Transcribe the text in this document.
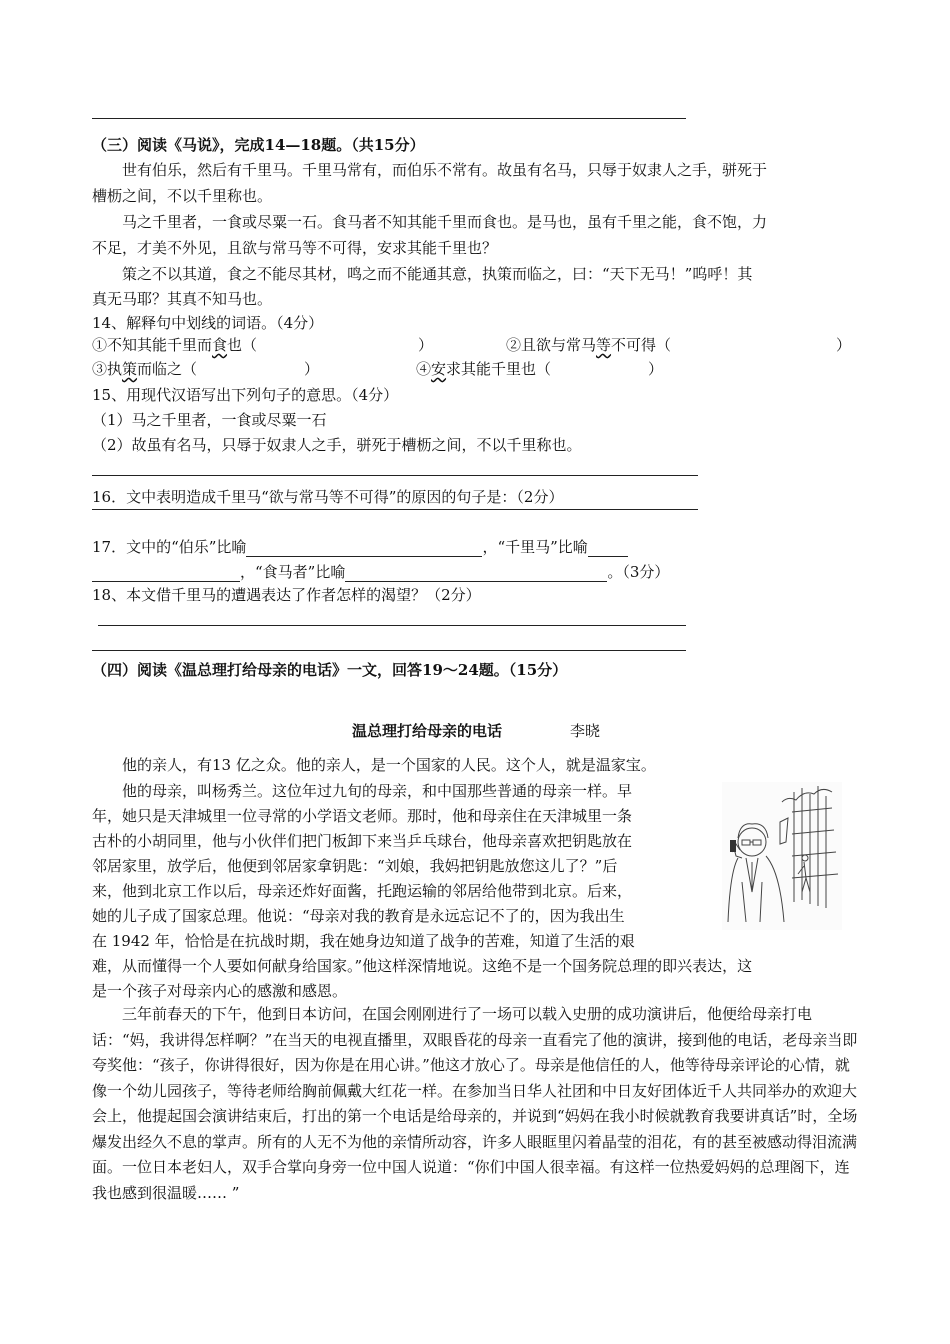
（三）阅读《马说》，完成14—18题。（共15分）
世有伯乐，然后有千里马。千里马常有，而伯乐不常有。故虽有名马，只辱于奴隶人之手，骈死于
槽枥之间，不以千里称也。
马之千里者，一食或尽粟一石。食马者不知其能千里而食也。是马也，虽有千里之能，食不饱，力
不足，才美不外见，且欲与常马等不可得，安求其能千里也？
策之不以其道，食之不能尽其材，鸣之而不能通其意，执策而临之，曰：“天下无马！”呜呼！其
真无马耶？其真不知马也。
14、解释句中划线的词语。（4分）
①不知其能千里而食也（	）	②且欲与常马等不可得（	）
③执策而临之（	）	④安求其能千里也（	）
15、用现代汉语写出下列句子的意思。（4分）
（1）马之千里者，一食或尽粟一石
（2）故虽有名马，只辱于奴隶人之手，骈死于槽枥之间，不以千里称也。
16．文中表明造成千里马“欲与常马等不可得”的原因的句子是：（2分）
17．文中的“伯乐”比喻	，“千里马”比喻
，“食马者”比喻	。（3分）
18、本文借千里马的遭遇表达了作者怎样的渴望？（2分）
（四）阅读《温总理打给母亲的电话》一文，回答19～24题。（15分）
温总理打给母亲的电话	李晓
他的亲人，有13 亿之众。他的亲人，是一个国家的人民。这个人，就是温家宝。
他的母亲，叫杨秀兰。这位年过九旬的母亲，和中国那些普通的母亲一样。早
年，她只是天津城里一位寻常的小学语文老师。那时，他和母亲住在天津城里一条
古朴的小胡同里，他与小伙伴们把门板卸下来当乒乓球台，他母亲喜欢把钥匙放在
邻居家里，放学后，他便到邻居家拿钥匙：“刘娘，我妈把钥匙放您这儿了？”后
来，他到北京工作以后，母亲还炸好面酱，托跑运输的邻居给他带到北京。后来，
她的儿子成了国家总理。他说：“母亲对我的教育是永远忘记不了的，因为我出生
在 1942 年，恰恰是在抗战时期，我在她身边知道了战争的苦难，知道了生活的艰
难，从而懂得一个人要如何献身给国家。”他这样深情地说。这绝不是一个国务院总理的即兴表达，这
是一个孩子对母亲内心的感激和感恩。
三年前春天的下午，他到日本访问，在国会刚刚进行了一场可以载入史册的成功演讲后，他便给母亲打电话：“妈，我讲得怎样啊？”在当天的电视直播里，双眼昏花的母亲一直看完了他的演讲，接到他的电话，老母亲当即夸奖他：“孩子，你讲得很好，因为你是在用心讲。”他这才放心了。母亲是他信任的人，他等待母亲评论的心情，就像一个幼儿园孩子，等待老师给胸前佩戴大红花一样。在参加当日华人社团和中日友好团体近千人共同举办的欢迎大会上，他提起国会演讲结束后，打出的第一个电话是给母亲的，并说到“妈妈在我小时候就教育我要讲真话”时，全场爆发出经久不息的掌声。所有的人无不为他的亲情所动容，许多人眼眶里闪着晶莹的泪花，有的甚至被感动得泪流满面。一位日本老妇人，双手合掌向身旁一位中国人说道：“你们中国人很幸福。有这样一位热爱妈妈的总理阁下，连我也感到很温暖…… ”
